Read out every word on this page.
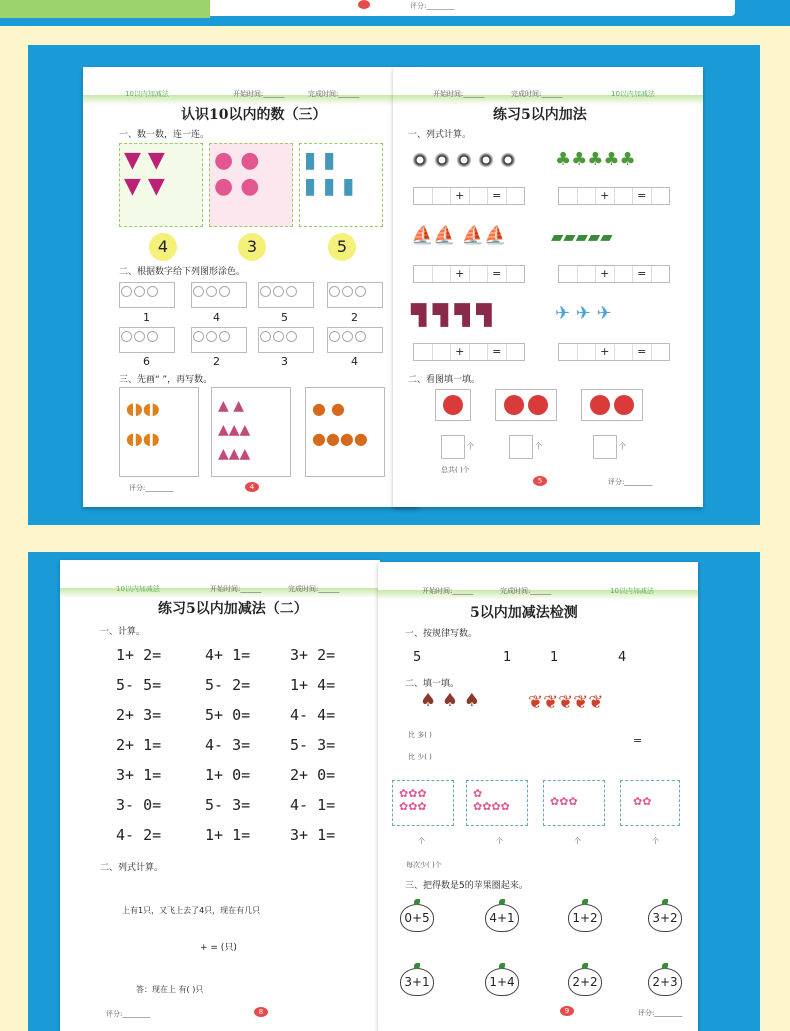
评分:________
10以内加减法	开始时间:______	完成时间:______
认识10以内的数（三）
一、数一数，连一连。
▼ ▼
▼ ▼
● ●
● ●
▮ ▮
▮ ▮ ▮
4	3	5
二、根据数字给下列图形涂色。
1	4	5	2
6	2	3	4
三、先画“ ”，再写数。
◖◗◖◗
◖◗◖◗
▲ ▲
▲▲▲
▲▲▲
● ●
●●●●
评分:________	4
开始时间:______	完成时间:______	10以内加减法
练习5以内加法
一、列式计算。
♣♣♣♣♣
+	=	+	=
⛵⛵ ⛵⛵	▰▰▰▰▰
+	=	+	=
▜ ▜ ▜ ▜	✈ ✈ ✈
+	=	+	=
二、看图填一填。
个	个	个
总共( )个
评分:________
5
10以内加减法	开始时间:______	完成时间:______
练习5以内加减法（二）
一、计算。
二、列式计算。
上有1只，又飞上去了4只，现在有几只
+ = (只)
答：现在上 有( )只
评分:________	8
1+ 2=	4+ 1=	3+ 2=
5- 5=	5- 2=	1+ 4=
2+ 3=	5+ 0=	4- 4=
2+ 1=	4- 3=	5- 3=
3+ 1=	1+ 0=	2+ 0=
3- 0=	5- 3=	4- 1=
4- 2=	1+ 1=	3+ 1=
开始时间:______	完成时间:______	10以内加减法
5以内加减法检测
一、按规律写数。
5	1	1	4
二、填一填。
♠ ♠ ♠	❦❦❦❦❦
比 多( )	=
比 少( )
✿✿✿
✿✿✿
✿
✿✿✿✿	✿✿✿	✿✿
个	个	个	个
每次少( )个
三、把得数是5的苹果圈起来。
0+5	4+1	1+2	3+2
3+1	1+4	2+2	2+3
评分:________
9
